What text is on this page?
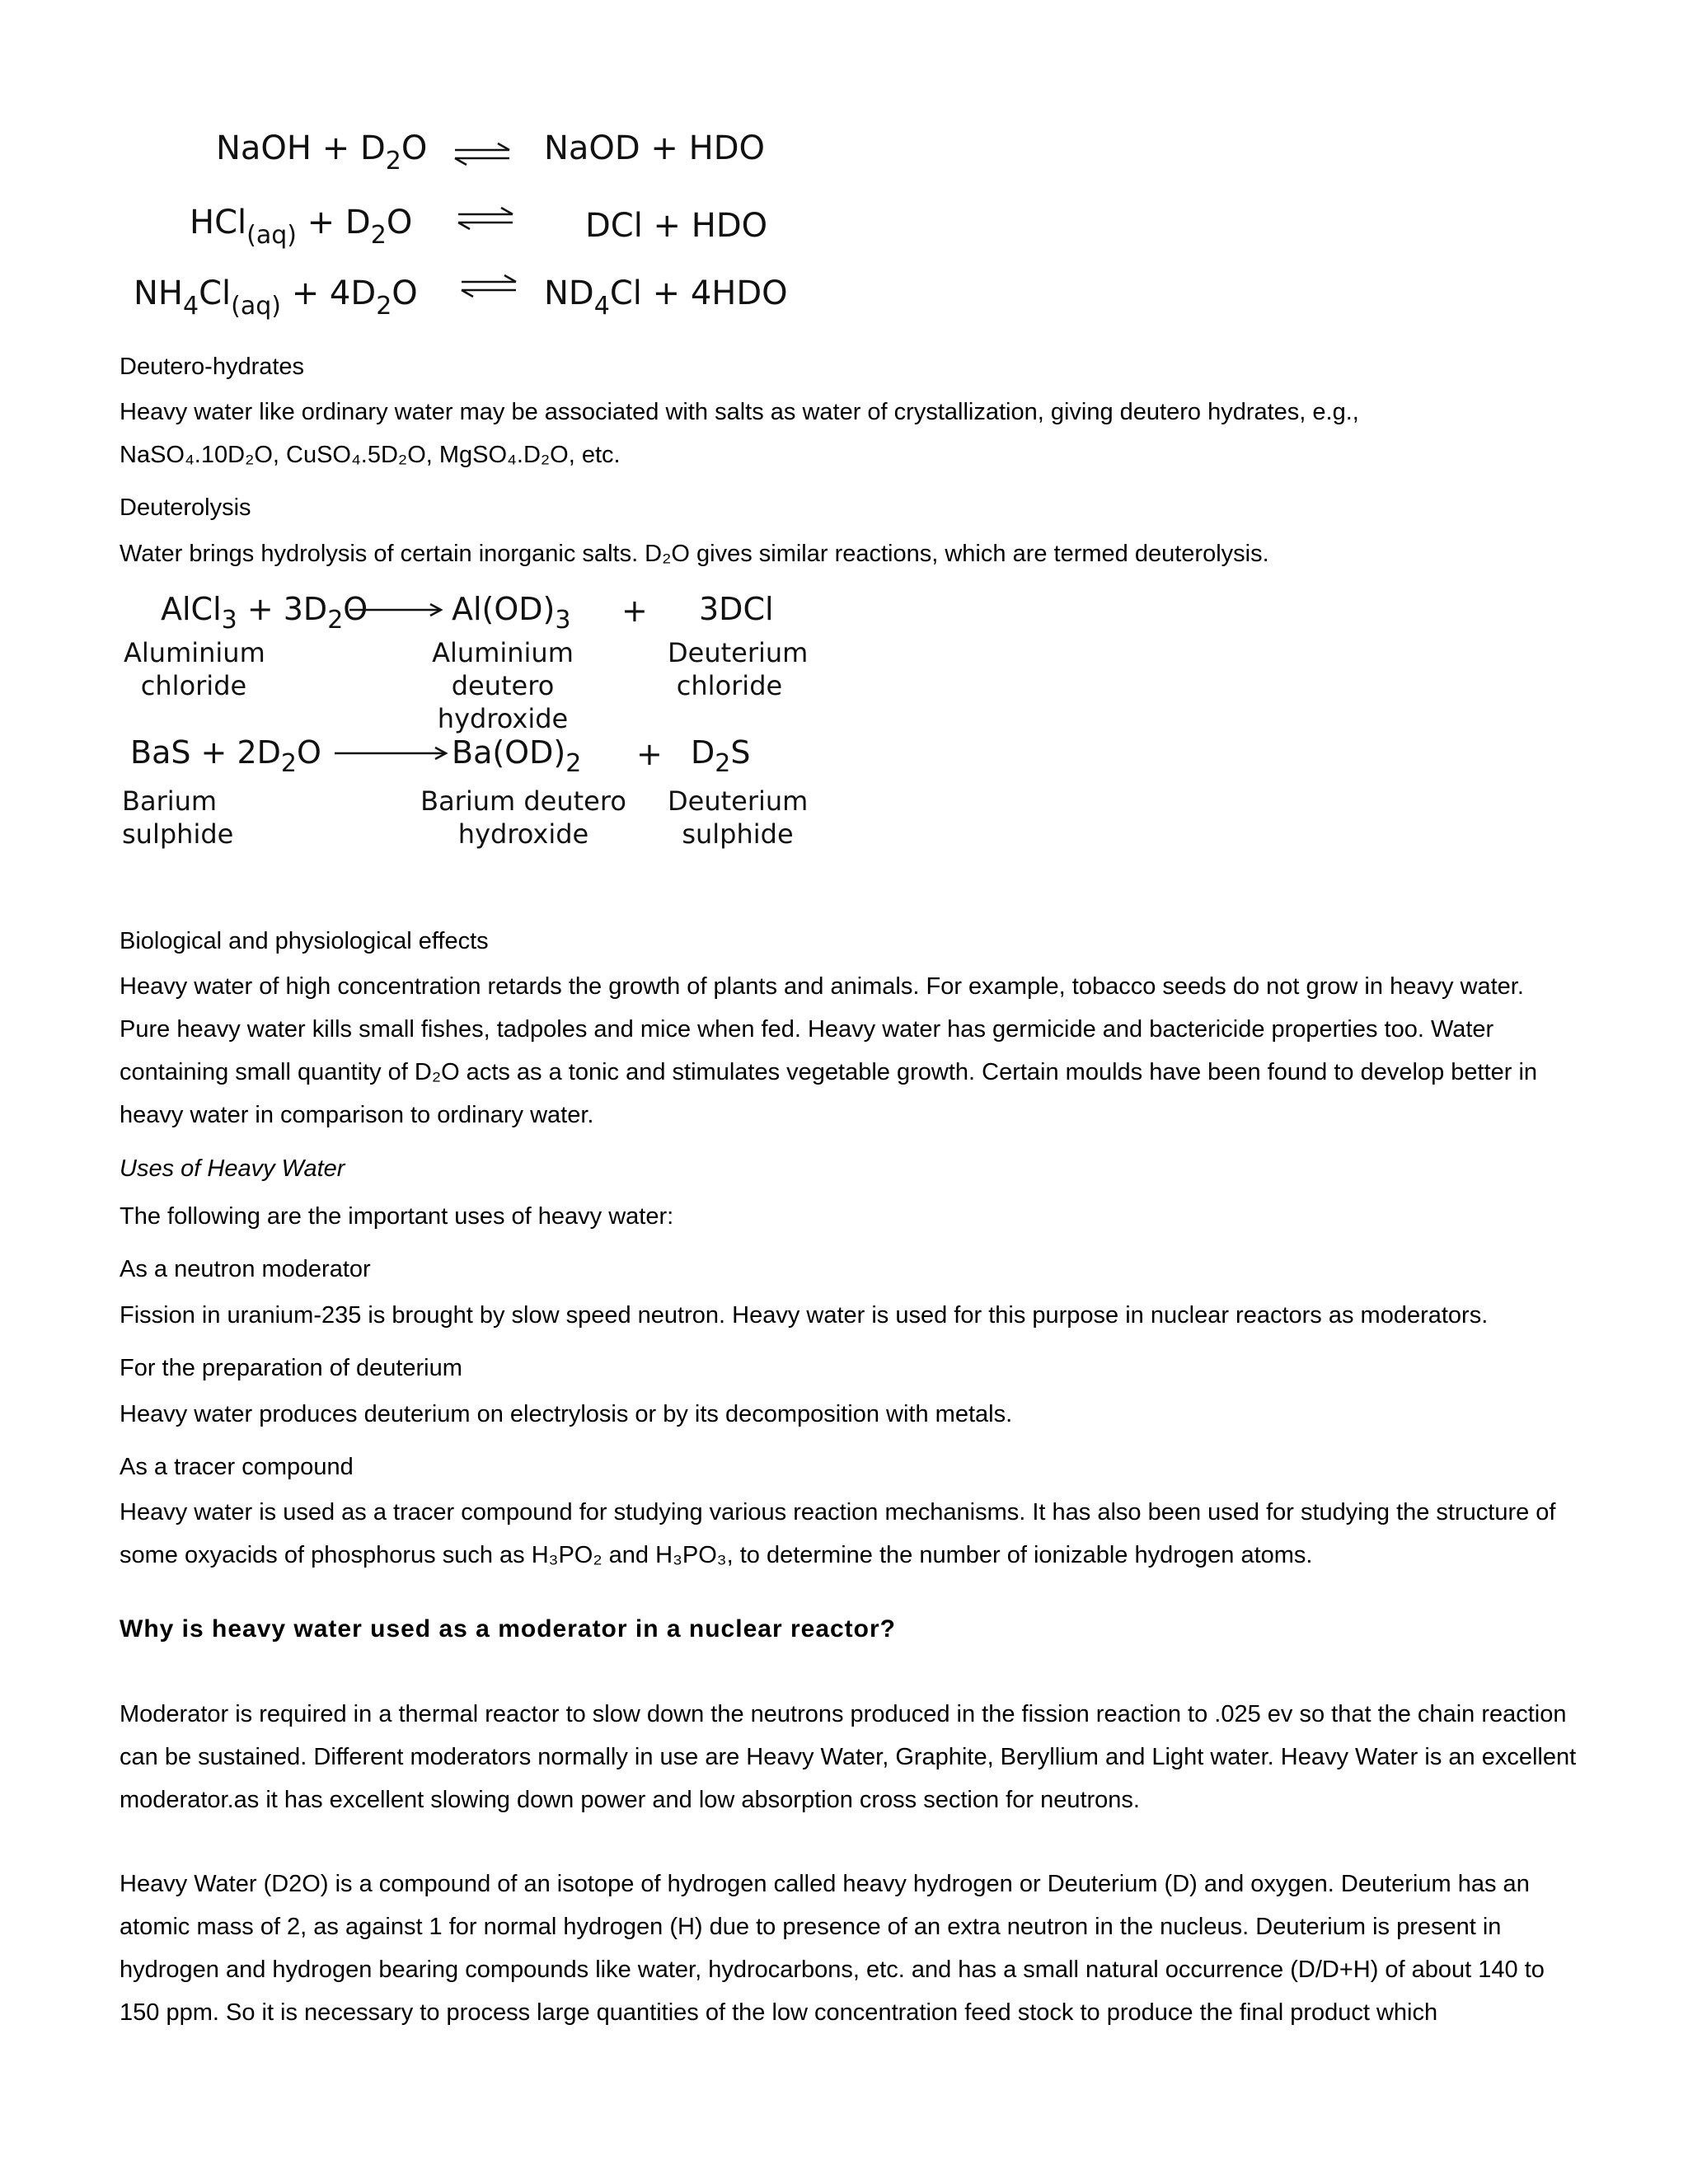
NaOH + $D_2O$	NaOD + HDO
$HCl_{(aq)} + D_2O$	DCl + HDO
$NH_4Cl_{(aq)} + 4D_2O$	$ND_4Cl + 4HDO$
Deutero-hydrates
Heavy water like ordinary water may be associated with salts as water of crystallization, giving deutero hydrates, e.g.,
NaSO₄.10D₂O, CuSO₄.5D₂O, MgSO₄.D₂O, etc.
Deuterolysis
Water brings hydrolysis of certain inorganic salts. D₂O gives similar reactions, which are termed deuterolysis.
AlCl$_3$ + $3D_2O$	$Al(OD)_3 + 3DCl$
Aluminium chloride
Aluminium deutero hydroxide
Deuterium chloride
BaS + $2D_2O$	$Ba(OD)_2 + D_2S$
Barium sulphide
Barium deutero hydroxide
Deuterium sulphide
Biological and physiological effects
Heavy water of high concentration retards the growth of plants and animals. For example, tobacco seeds do not grow in heavy water. Pure heavy water kills small fishes, tadpoles and mice when fed. Heavy water has germicide and bactericide properties too. Water containing small quantity of D₂O acts as a tonic and stimulates vegetable growth. Certain moulds have been found to develop better in heavy water in comparison to ordinary water.
Uses of Heavy Water
The following are the important uses of heavy water:
As a neutron moderator
Fission in uranium-235 is brought by slow speed neutron. Heavy water is used for this purpose in nuclear reactors as moderators.
For the preparation of deuterium
Heavy water produces deuterium on electrylosis or by its decomposition with metals.
As a tracer compound
Heavy water is used as a tracer compound for studying various reaction mechanisms. It has also been used for studying the structure of some oxyacids of phosphorus such as H₃PO₂ and H₃PO₃, to determine the number of ionizable hydrogen atoms.
Why is heavy water used as a moderator in a nuclear reactor?
Moderator is required in a thermal reactor to slow down the neutrons produced in the fission reaction to .025 ev so that the chain reaction can be sustained. Different moderators normally in use are Heavy Water, Graphite, Beryllium and Light water. Heavy Water is an excellent moderator.as it has excellent slowing down power and low absorption cross section for neutrons.
Heavy Water (D2O) is a compound of an isotope of hydrogen called heavy hydrogen or Deuterium (D) and oxygen. Deuterium has an atomic mass of 2, as against 1 for normal hydrogen (H) due to presence of an extra neutron in the nucleus. Deuterium is present in hydrogen and hydrogen bearing compounds like water, hydrocarbons, etc. and has a small natural occurrence (D/D+H) of about 140 to 150 ppm. So it is necessary to process large quantities of the low concentration feed stock to produce the final product which
